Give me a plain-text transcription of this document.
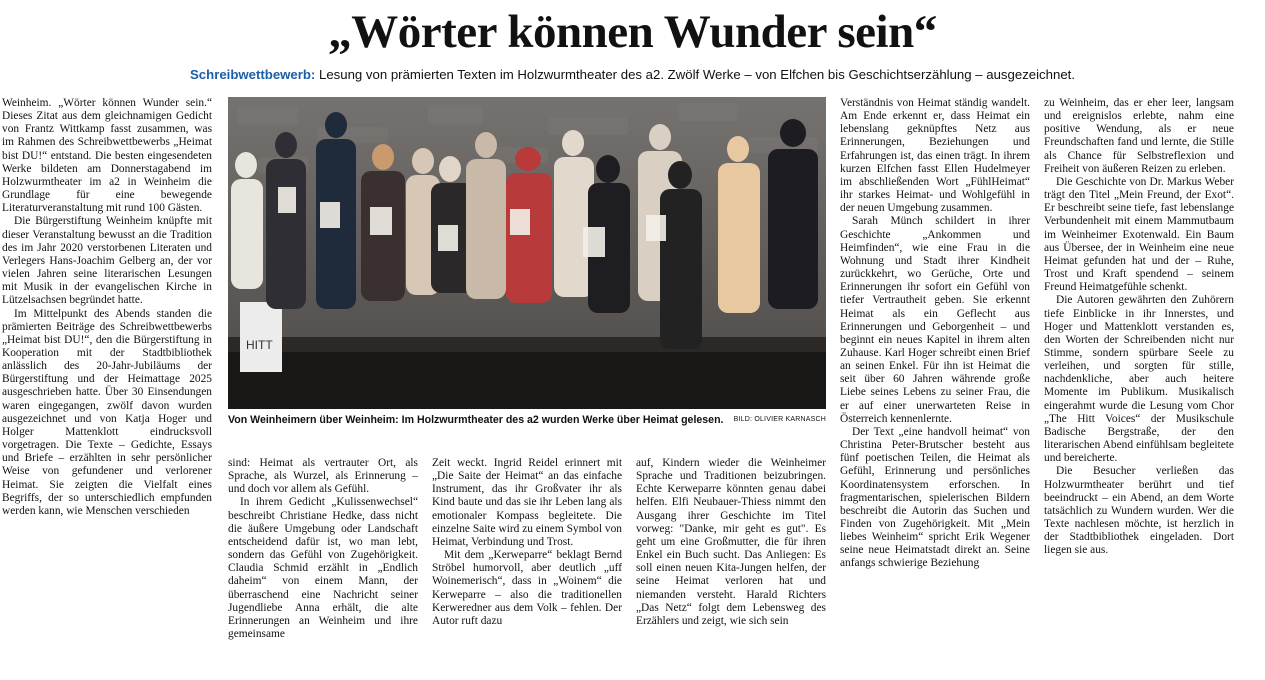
„Wörter können Wunder sein“
Schreibwettbewerb: Lesung von prämierten Texten im Holzwurmtheater des a2. Zwölf Werke – von Elfchen bis Geschichtserzählung – ausgezeichnet.

Weinheim. „Wörter können Wunder sein.“ Dieses Zitat aus dem gleichnamigen Gedicht von Frantz Wittkamp fasst zusammen, was im Rahmen des Schreibwettbewerbs „Heimat bist DU!“ entstand. Die besten eingesendeten Werke bildeten am Donnerstagabend im Holzwurmtheater im a2 in Weinheim die Grundlage für eine bewegende Literaturveranstaltung mit rund 100 Gästen.

Die Bürgerstiftung Weinheim knüpfte mit dieser Veranstaltung bewusst an die Tradition des im Jahr 2020 verstorbenen Literaten und Verlegers Hans-Joachim Gelberg an, der vor vielen Jahren seine literarischen Lesungen mit Musik in der evangelischen Kirche in Lützelsachsen begründet hatte.

Im Mittelpunkt des Abends standen die prämierten Beiträge des Schreibwettbewerbs „Heimat bist DU!“, den die Bürgerstiftung in Kooperation mit der Stadtbibliothek anlässlich des 20-Jahr-Jubiläums der Bürgerstiftung und der Heimattage 2025 ausgeschrieben hatte. Über 30 Einsendungen waren eingegangen, zwölf davon wurden ausgezeichnet und von Katja Hoger und Holger Mattenklott eindrucksvoll vorgetragen. Die Texte – Gedichte, Essays und Briefe – erzählten in sehr persönlicher Weise von gefundener und verlorener Heimat. Sie zeigten die Vielfalt eines Begriffs, der so unterschiedlich empfunden werden kann, wie Menschen verschieden

HITT
Von Weinheimern über Weinheim: Im Holzwurmtheater des a2 wurden Werke über Heimat gelesen. BILD: OLIVIER KARNASCH

sind: Heimat als vertrauter Ort, als Sprache, als Wurzel, als Erinnerung – und doch vor allem als Gefühl.

In ihrem Gedicht „Kulissenwechsel“ beschreibt Christiane Hedke, dass nicht die äußere Umgebung oder Landschaft entscheidend dafür ist, wo man lebt, sondern das Gefühl von Zugehörigkeit. Claudia Schmid erzählt in „Endlich daheim“ von einem Mann, der überraschend eine Nachricht seiner Jugendliebe Anna erhält, die alte Erinnerungen an Weinheim und ihre gemeinsame

Zeit weckt. Ingrid Reidel erinnert mit „Die Saite der Heimat“ an das einfache Instrument, das ihr Großvater ihr als Kind baute und das sie ihr Leben lang als emotionaler Kompass begleitete. Die einzelne Saite wird zu einem Symbol von Heimat, Verbindung und Trost.

Mit dem „Kerweparre“ beklagt Bernd Ströbel humorvoll, aber deutlich „uff Woinemerisch“, dass in „Woinem“ die Kerweparre – also die traditionellen Kerweredner aus dem Volk – fehlen. Der Autor ruft dazu

auf, Kindern wieder die Weinheimer Sprache und Traditionen beizubringen. Echte Kerweparre könnten genau dabei helfen. Elfi Neubauer-Thiess nimmt den Ausgang ihrer Geschichte im Titel vorweg: "Danke, mir geht es gut". Es geht um eine Großmutter, die für ihren Enkel ein Buch sucht. Das Anliegen: Es soll einen neuen Kita-Jungen helfen, der seine Heimat verloren hat und niemanden versteht. Harald Richters „Das Netz“ folgt dem Lebensweg des Erzählers und zeigt, wie sich sein

Verständnis von Heimat ständig wandelt. Am Ende erkennt er, dass Heimat ein lebenslang geknüpftes Netz aus Erinnerungen, Beziehungen und Erfahrungen ist, das einen trägt. In ihrem kurzen Elfchen fasst Ellen Hudelmeyer im abschließenden Wort „FühlHeimat“ ihr starkes Heimat- und Wohlgefühl in der neuen Umgebung zusammen.

Sarah Münch schildert in ihrer Geschichte „Ankommen und Heimfinden“, wie eine Frau in die Wohnung und Stadt ihrer Kindheit zurückkehrt, wo Gerüche, Orte und Erinnerungen ihr sofort ein Gefühl von tiefer Vertrautheit geben. Sie erkennt Heimat als ein Geflecht aus Erinnerungen und Geborgenheit – und beginnt ein neues Kapitel in ihrem alten Zuhause. Karl Hoger schreibt einen Brief an seinen Enkel. Für ihn ist Heimat die seit über 60 Jahren währende große Liebe seines Lebens zu seiner Frau, die er auf einer unerwarteten Reise in Österreich kennenlernte.

Der Text „eine handvoll heimat“ von Christina Peter-Brutscher besteht aus fünf poetischen Teilen, die Heimat als Gefühl, Erinnerung und persönliches Koordinatensystem erforschen. In fragmentarischen, spielerischen Bildern beschreibt die Autorin das Suchen und Finden von Zugehörigkeit. Mit „Mein liebes Weinheim“ spricht Erik Wegener seine neue Heimatstadt direkt an. Seine anfangs schwierige Beziehung

zu Weinheim, das er eher leer, langsam und ereignislos erlebte, nahm eine positive Wendung, als er neue Freundschaften fand und lernte, die Stille als Chance für Selbstreflexion und Freiheit von äußeren Reizen zu erleben.

Die Geschichte von Dr. Markus Weber trägt den Titel „Mein Freund, der Exot“. Er beschreibt seine tiefe, fast lebenslange Verbundenheit mit einem Mammutbaum im Weinheimer Exotenwald. Ein Baum aus Übersee, der in Weinheim eine neue Heimat gefunden hat und der – Ruhe, Trost und Kraft spendend – seinem Freund Heimatgefühle schenkt.

Die Autoren gewährten den Zuhörern tiefe Einblicke in ihr Innerstes, und Hoger und Mattenklott verstanden es, den Worten der Schreibenden nicht nur Stimme, sondern spürbare Seele zu verleihen, und sorgten für stille, nachdenkliche, aber auch heitere Momente im Publikum. Musikalisch eingerahmt wurde die Lesung vom Chor „The Hitt Voices“ der Musikschule Badische Bergstraße, der den literarischen Abend einfühlsam begleitete und bereicherte.

Die Besucher verließen das Holzwurmtheater berührt und tief beeindruckt – ein Abend, an dem Worte tatsächlich zu Wundern wurden. Wer die Texte nachlesen möchte, ist herzlich in der Stadtbibliothek eingeladen. Dort liegen sie aus.
